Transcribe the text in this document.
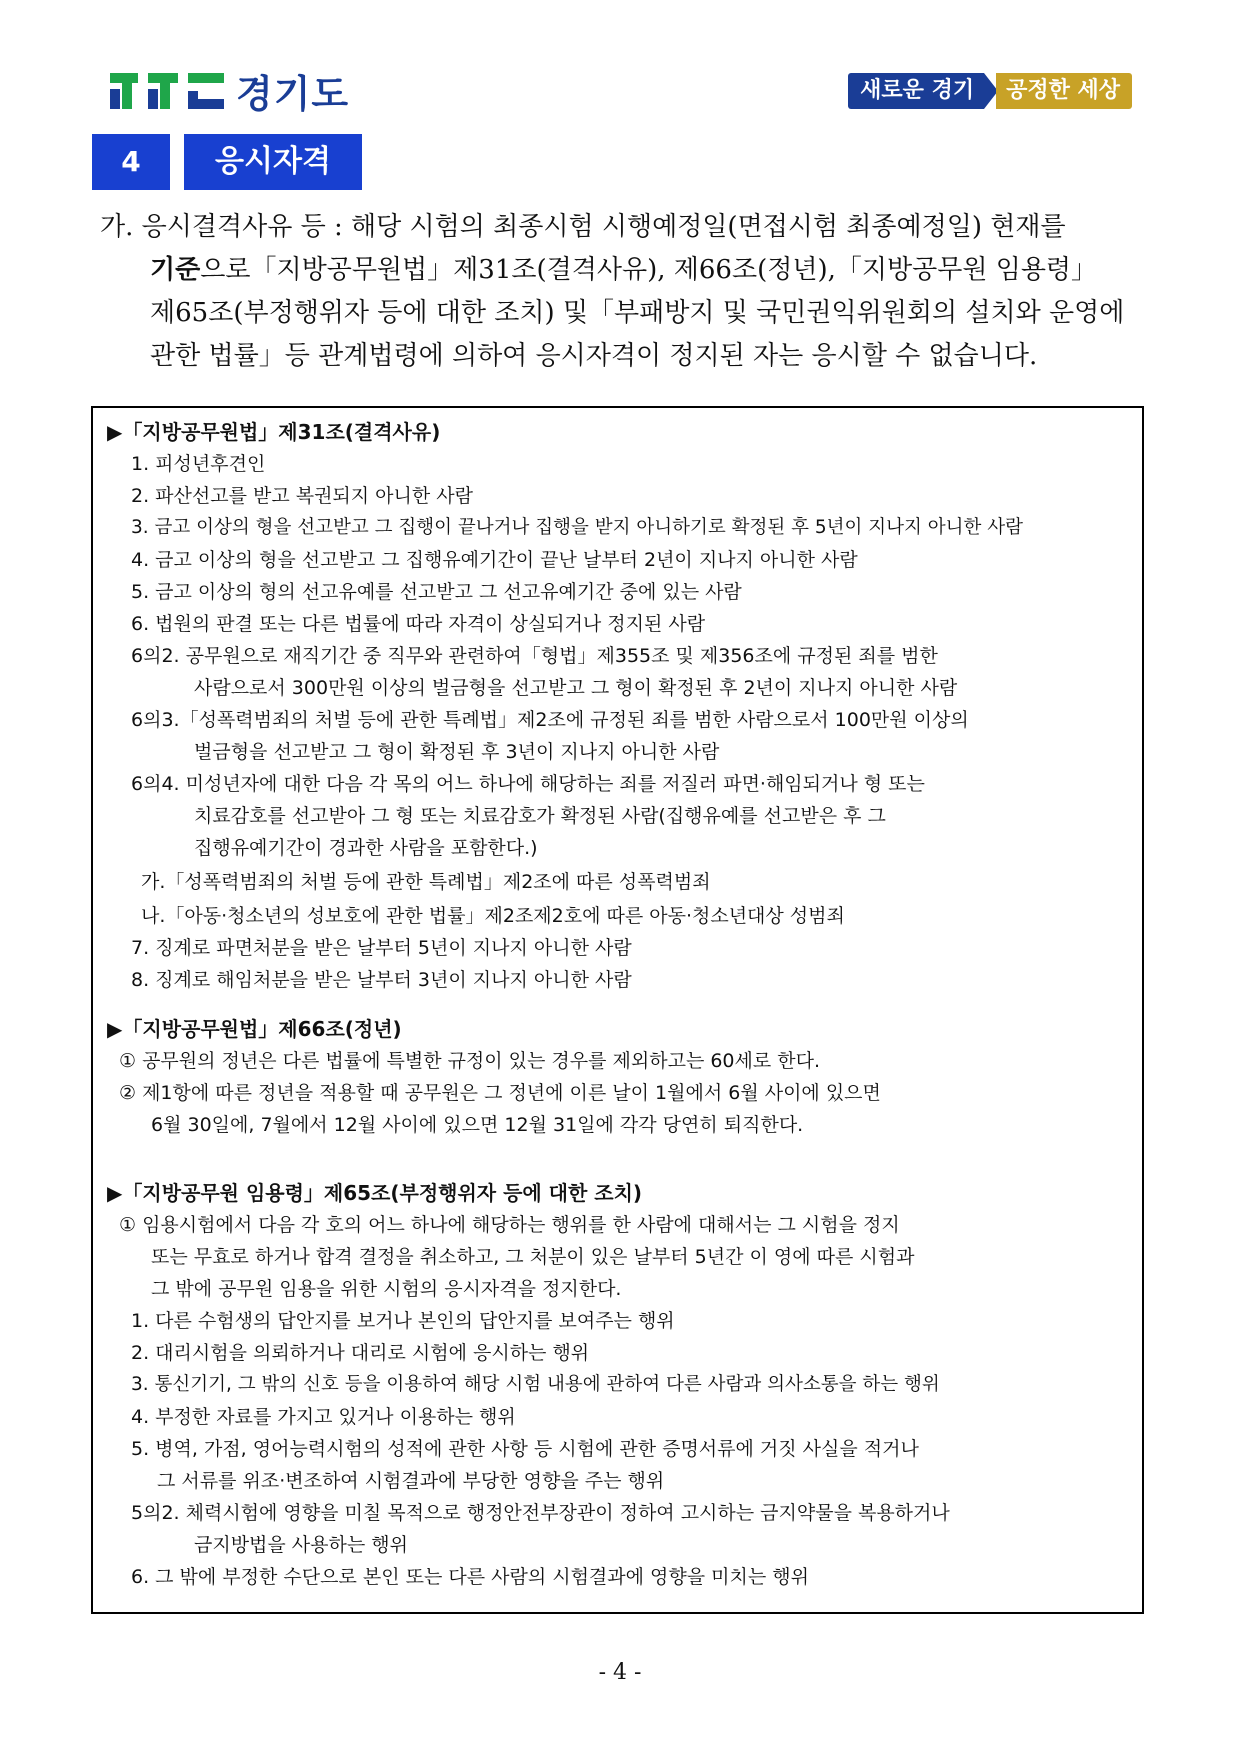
경기도	새로운 경기	공정한 세상
4	응시자격
가. 응시결격사유 등 : 해당 시험의 최종시험 시행예정일(면접시험 최종예정일) 현재를
기준으로「지방공무원법」제31조(결격사유), 제66조(정년),「지방공무원 임용령」
제65조(부정행위자 등에 대한 조치) 및「부패방지 및 국민권익위원회의 설치와 운영에
관한 법률」등 관계법령에 의하여 응시자격이 정지된 자는 응시할 수 없습니다.
▶「지방공무원법」제31조(결격사유)
1. 피성년후견인
2. 파산선고를 받고 복권되지 아니한 사람
3. 금고 이상의 형을 선고받고 그 집행이 끝나거나 집행을 받지 아니하기로 확정된 후 5년이 지나지 아니한 사람
4. 금고 이상의 형을 선고받고 그 집행유예기간이 끝난 날부터 2년이 지나지 아니한 사람
5. 금고 이상의 형의 선고유예를 선고받고 그 선고유예기간 중에 있는 사람
6. 법원의 판결 또는 다른 법률에 따라 자격이 상실되거나 정지된 사람
6의2. 공무원으로 재직기간 중 직무와 관련하여「형법」제355조 및 제356조에 규정된 죄를 범한
사람으로서 300만원 이상의 벌금형을 선고받고 그 형이 확정된 후 2년이 지나지 아니한 사람
6의3.「성폭력범죄의 처벌 등에 관한 특례법」제2조에 규정된 죄를 범한 사람으로서 100만원 이상의
벌금형을 선고받고 그 형이 확정된 후 3년이 지나지 아니한 사람
6의4. 미성년자에 대한 다음 각 목의 어느 하나에 해당하는 죄를 저질러 파면·해임되거나 형 또는
치료감호를 선고받아 그 형 또는 치료감호가 확정된 사람(집행유예를 선고받은 후 그
집행유예기간이 경과한 사람을 포함한다.)
가.「성폭력범죄의 처벌 등에 관한 특례법」제2조에 따른 성폭력범죄
나.「아동·청소년의 성보호에 관한 법률」제2조제2호에 따른 아동·청소년대상 성범죄
7. 징계로 파면처분을 받은 날부터 5년이 지나지 아니한 사람
8. 징계로 해임처분을 받은 날부터 3년이 지나지 아니한 사람
▶「지방공무원법」제66조(정년)
① 공무원의 정년은 다른 법률에 특별한 규정이 있는 경우를 제외하고는 60세로 한다.
② 제1항에 따른 정년을 적용할 때 공무원은 그 정년에 이른 날이 1월에서 6월 사이에 있으면
6월 30일에, 7월에서 12월 사이에 있으면 12월 31일에 각각 당연히 퇴직한다.
▶「지방공무원 임용령」제65조(부정행위자 등에 대한 조치)
① 임용시험에서 다음 각 호의 어느 하나에 해당하는 행위를 한 사람에 대해서는 그 시험을 정지
또는 무효로 하거나 합격 결정을 취소하고, 그 처분이 있은 날부터 5년간 이 영에 따른 시험과
그 밖에 공무원 임용을 위한 시험의 응시자격을 정지한다.
1. 다른 수험생의 답안지를 보거나 본인의 답안지를 보여주는 행위
2. 대리시험을 의뢰하거나 대리로 시험에 응시하는 행위
3. 통신기기, 그 밖의 신호 등을 이용하여 해당 시험 내용에 관하여 다른 사람과 의사소통을 하는 행위
4. 부정한 자료를 가지고 있거나 이용하는 행위
5. 병역, 가점, 영어능력시험의 성적에 관한 사항 등 시험에 관한 증명서류에 거짓 사실을 적거나
그 서류를 위조·변조하여 시험결과에 부당한 영향을 주는 행위
5의2. 체력시험에 영향을 미칠 목적으로 행정안전부장관이 정하여 고시하는 금지약물을 복용하거나
금지방법을 사용하는 행위
6. 그 밖에 부정한 수단으로 본인 또는 다른 사람의 시험결과에 영향을 미치는 행위
- 4 -
